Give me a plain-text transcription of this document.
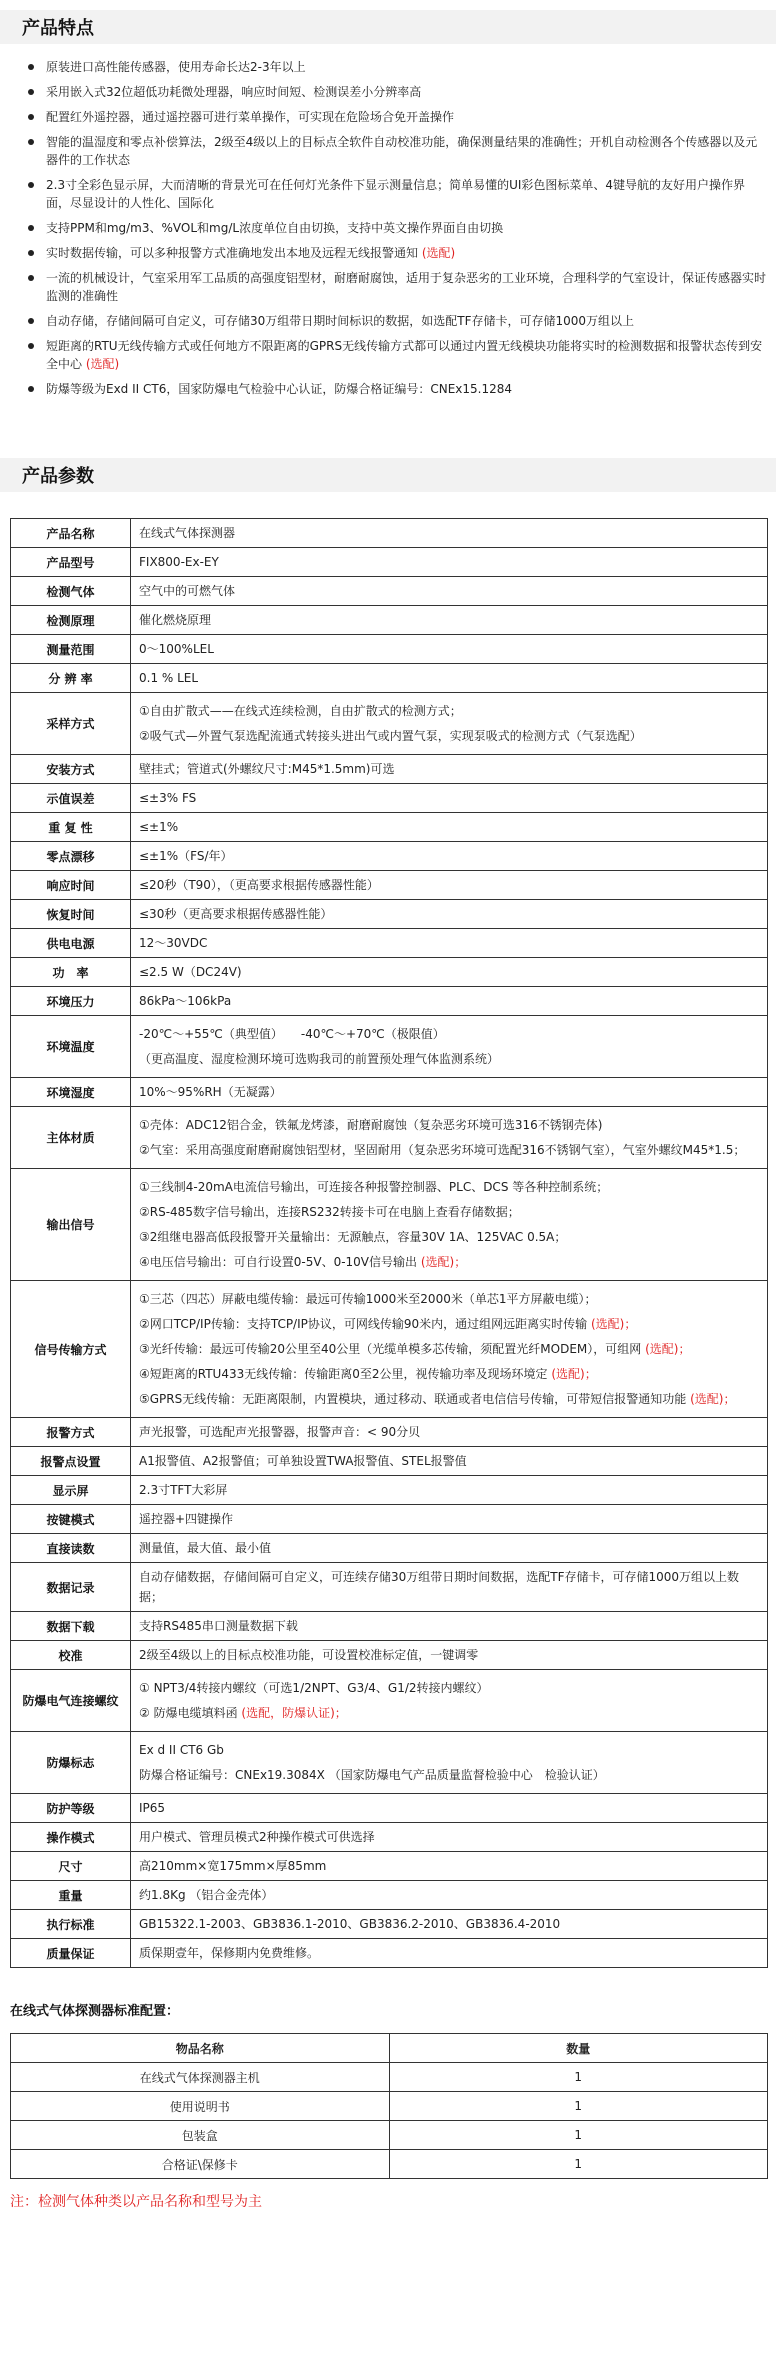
产品特点
原装进口高性能传感器，使用寿命长达2-3年以上
采用嵌入式32位超低功耗微处理器，响应时间短、检测误差小分辨率高
配置红外遥控器，通过遥控器可进行菜单操作，可实现在危险场合免开盖操作
智能的温湿度和零点补偿算法，2级至4级以上的目标点全软件自动校准功能，确保测量结果的准确性；开机自动检测各个传感器以及元器件的工作状态
2.3寸全彩色显示屏，大而清晰的背景光可在任何灯光条件下显示测量信息；简单易懂的UI彩色图标菜单、4键导航的友好用户操作界面，尽显设计的人性化、国际化
支持PPM和mg/m3、%VOL和mg/L浓度单位自由切换，支持中英文操作界面自由切换
实时数据传输，可以多种报警方式准确地发出本地及远程无线报警通知 (选配)
一流的机械设计，气室采用军工品质的高强度铝型材，耐磨耐腐蚀，适用于复杂恶劣的工业环境，合理科学的气室设计，保证传感器实时监测的准确性
自动存储，存储间隔可自定义，可存储30万组带日期时间标识的数据，如选配TF存储卡，可存储1000万组以上
短距离的RTU无线传输方式或任何地方不限距离的GPRS无线传输方式都可以通过内置无线模块功能将实时的检测数据和报警状态传到安全中心 (选配)
防爆等级为Exd II CT6，国家防爆电气检验中心认证，防爆合格证编号：CNEx15.1284
产品参数
产品名称	在线式气体探测器

产品型号	FIX800-Ex-EY

检测气体	空气中的可燃气体

检测原理	催化燃烧原理

测量范围	0～100%LEL

分 辨 率	0.1 % LEL

采样方式	①自由扩散式——在线式连续检测，自由扩散式的检测方式；

②吸气式—外置气泵选配流通式转接头进出气或内置气泵，实现泵吸式的检测方式（气泵选配）

安装方式	壁挂式；管道式(外螺纹尺寸:M45*1.5mm)可选

示值误差	≤±3% FS

重 复 性	≤±1%

零点漂移	≤±1%（FS/年）

响应时间	≤20秒（T90），（更高要求根据传感器性能）

恢复时间	≤30秒（更高要求根据传感器性能）

供电电源	12～30VDC

功　率	≤2.5 W（DC24V)

环境压力	86kPa～106kPa

环境温度	-20℃～+55℃（典型值）　　-40℃～+70℃（极限值）

（更高温度、湿度检测环境可选购我司的前置预处理气体监测系统）

环境湿度	10%～95%RH（无凝露）

主体材质	①壳体：ADC12铝合金，铁氟龙烤漆，耐磨耐腐蚀（复杂恶劣环境可选316不锈钢壳体)

②气室：采用高强度耐磨耐腐蚀铝型材，坚固耐用（复杂恶劣环境可选配316不锈钢气室），气室外螺纹M45*1.5；

输出信号	①三线制4-20mA电流信号输出，可连接各种报警控制器、PLC、DCS 等各种控制系统；

②RS-485数字信号输出，连接RS232转接卡可在电脑上查看存储数据；

③2组继电器高低段报警开关量输出：无源触点，容量30V 1A、125VAC 0.5A；

④电压信号输出：可自行设置0-5V、0-10V信号输出 (选配)；

信号传输方式	①三芯（四芯）屏蔽电缆传输：最远可传输1000米至2000米（单芯1平方屏蔽电缆）；

②网口TCP/IP传输：支持TCP/IP协议，可网线传输90米内，通过组网远距离实时传输 (选配)；

③光纤传输：最远可传输20公里至40公里（光缆单模多芯传输，须配置光纤MODEM），可组网 (选配)；

④短距离的RTU433无线传输：传输距离0至2公里，视传输功率及现场环境定 (选配)；

⑤GPRS无线传输：无距离限制，内置模块，通过移动、联通或者电信信号传输，可带短信报警通知功能 (选配)；

报警方式	声光报警，可选配声光报警器，报警声音：< 90分贝

报警点设置	A1报警值、A2报警值；可单独设置TWA报警值、STEL报警值

显示屏	2.3寸TFT大彩屏

按键模式	遥控器+四键操作

直接读数	测量值，最大值、最小值

数据记录	自动存储数据，存储间隔可自定义，可连续存储30万组带日期时间数据，选配TF存储卡，可存储1000万组以上数据；

数据下载	支持RS485串口测量数据下载

校准	2级至4级以上的目标点校准功能，可设置校准标定值，一键调零

防爆电气连接螺纹	① NPT3/4转接内螺纹（可选1/2NPT、G3/4、G1/2转接内螺纹）

② 防爆电缆填料函 (选配，防爆认证)；

防爆标志	Ex d II CT6 Gb

防爆合格证编号：CNEx19.3084X （国家防爆电气产品质量监督检验中心　检验认证）

防护等级	IP65

操作模式	用户模式、管理员模式2种操作模式可供选择

尺寸	高210mm×宽175mm×厚85mm

重量	约1.8Kg （铝合金壳体）

执行标准	GB15322.1-2003、GB3836.1-2010、GB3836.2-2010、GB3836.4-2010

质量保证	质保期壹年，保修期内免费维修。
在线式气体探测器标准配置：
物品名称	数量
在线式气体探测器主机	1
使用说明书	1
包装盒	1
合格证\保修卡	1
注：检测气体种类以产品名称和型号为主
